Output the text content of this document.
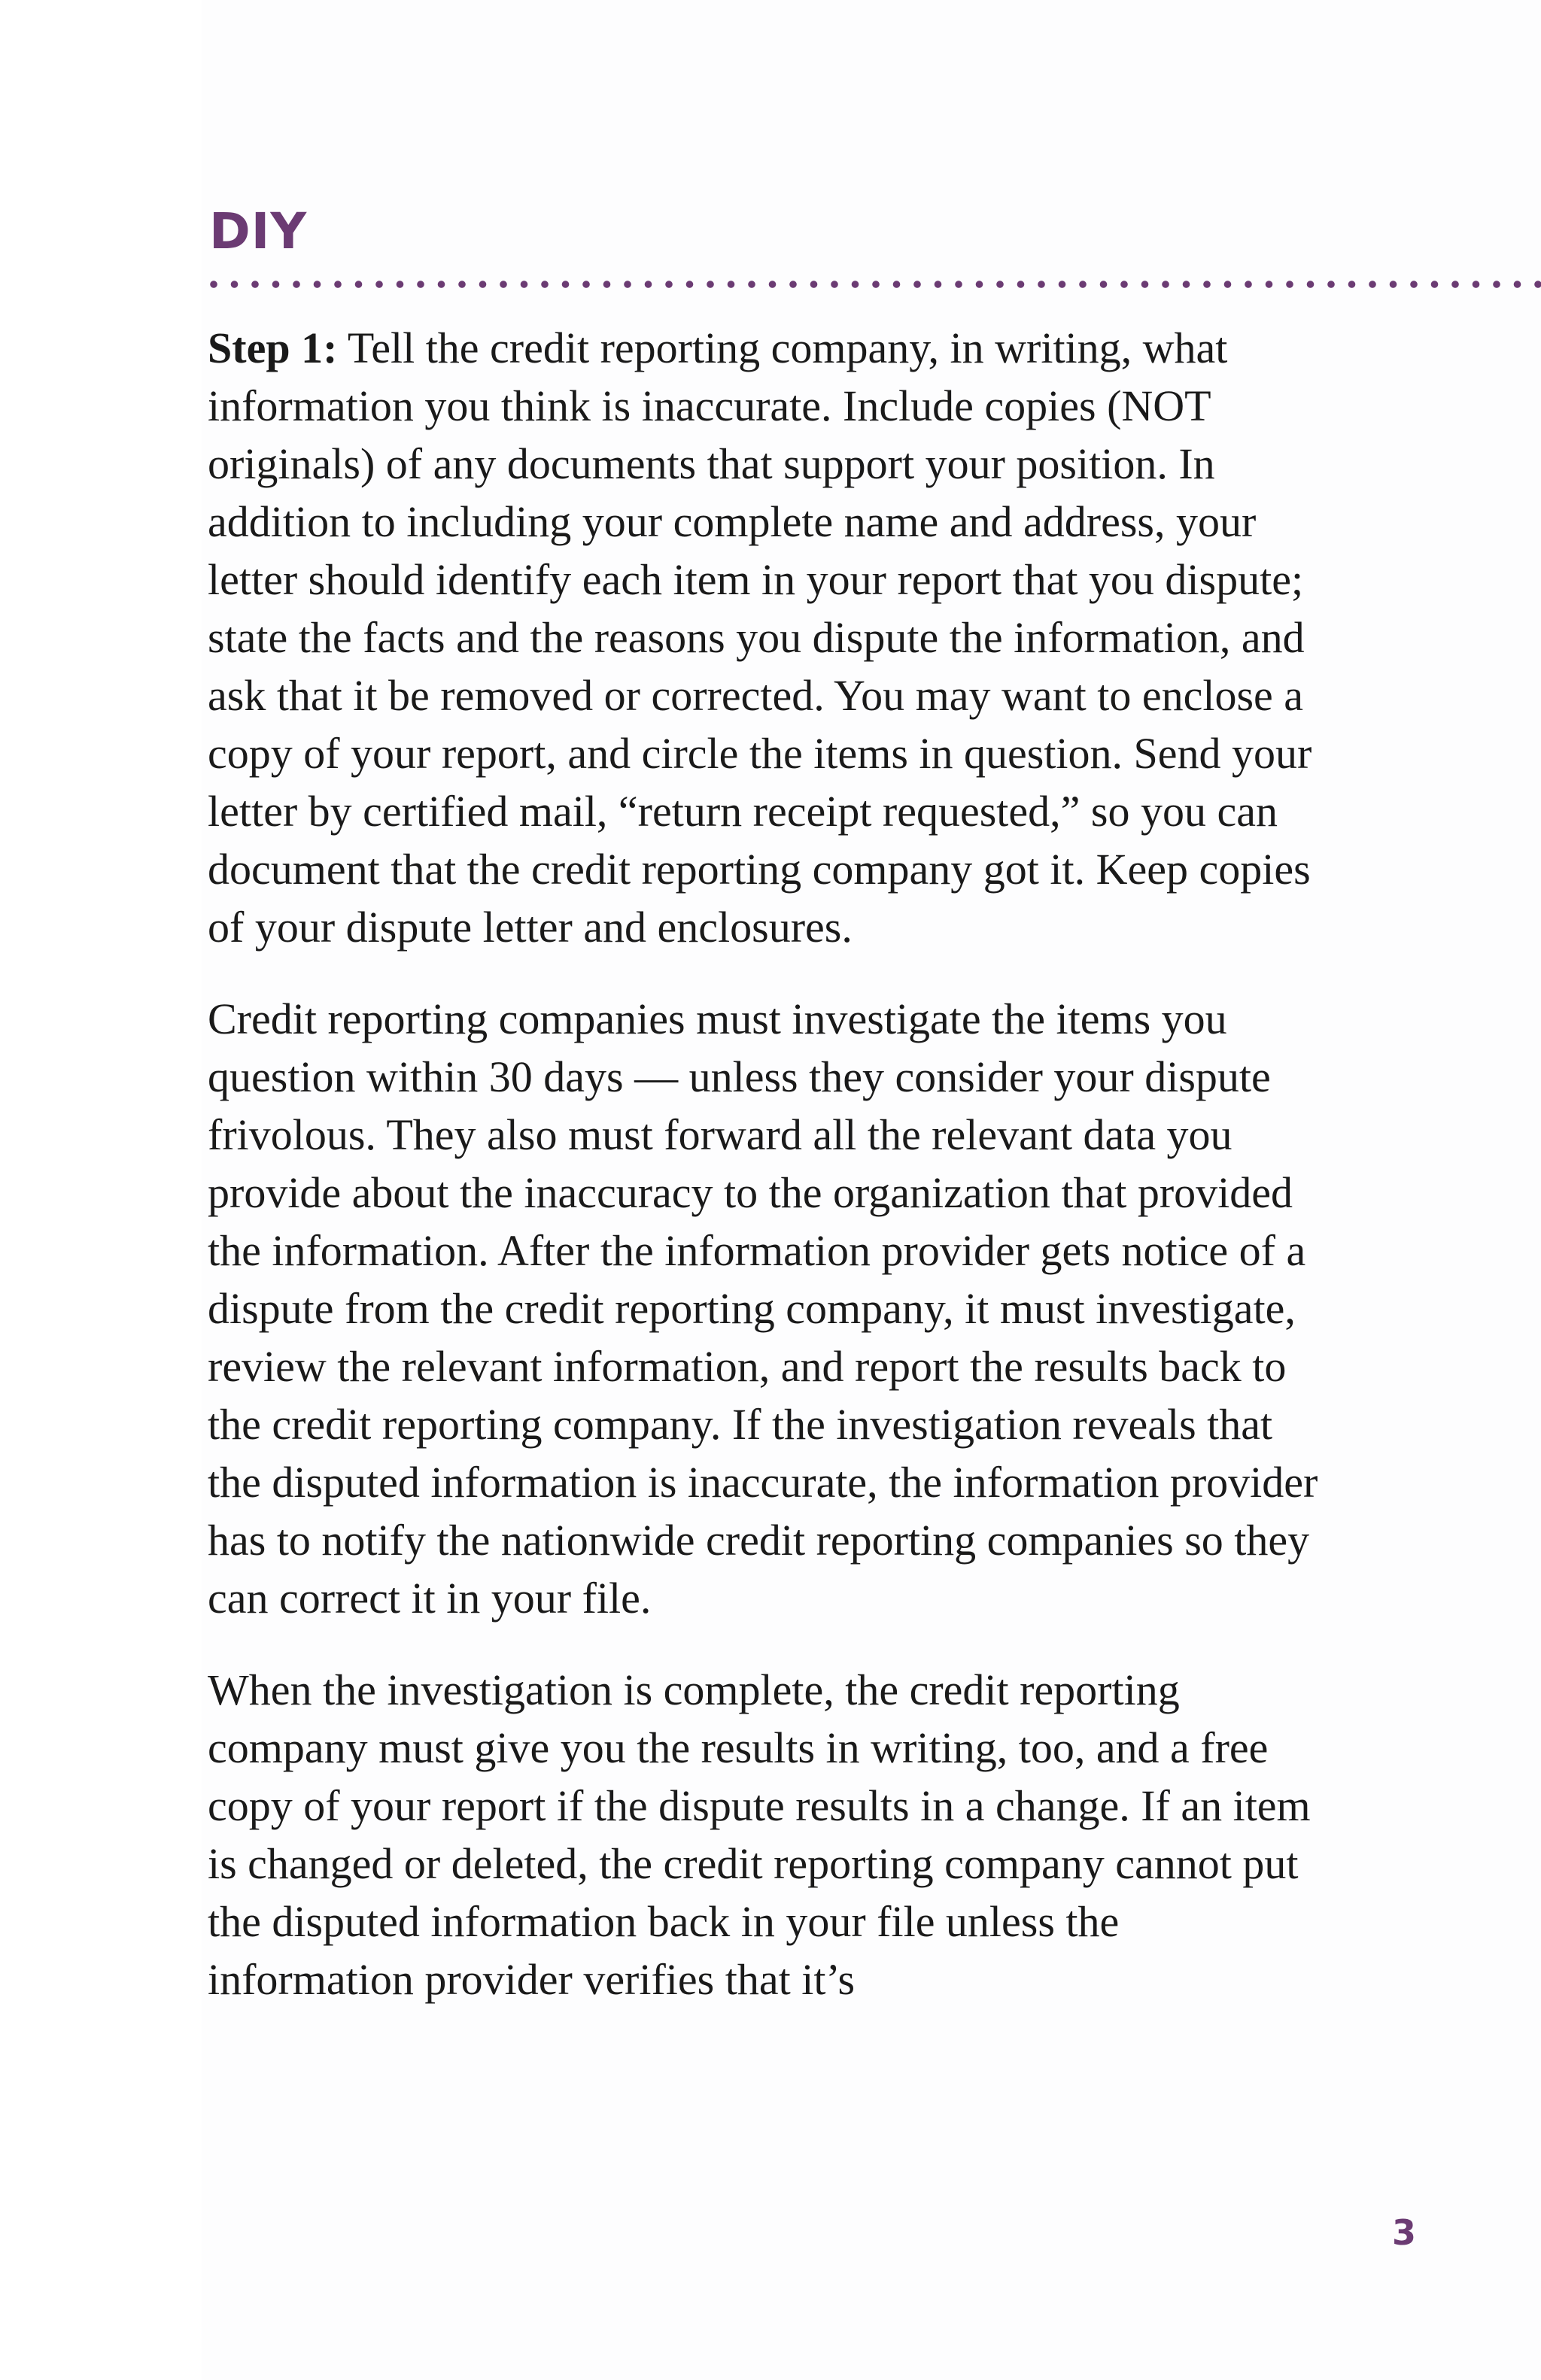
DIY

Step 1: Tell the credit reporting company, in writing, what information you think is inaccurate. Include copies (NOT originals) of any documents that support your position. In addition to including your complete name and address, your letter should identify each item in your report that you dispute; state the facts and the reasons you dispute the information, and ask that it be removed or corrected. You may want to enclose a copy of your report, and circle the items in question. Send your letter by certified mail, “return receipt requested,” so you can document that the credit reporting company got it. Keep copies of your dispute letter and enclosures.

Credit reporting companies must investigate the items you question within 30 days — unless they consider your dispute frivolous. They also must forward all the relevant data you provide about the inaccuracy to the organization that provided the information. After the information provider gets notice of a dispute from the credit reporting company, it must investigate, review the relevant information, and report the results back to the credit reporting company. If the investigation reveals that the disputed information is inaccurate, the information provider has to notify the nationwide credit reporting companies so they can correct it in your file.

When the investigation is complete, the credit reporting company must give you the results in writing, too, and a free copy of your report if the dispute results in a change. If an item is changed or deleted, the credit reporting company cannot put the disputed information back in your file unless the information provider verifies that it’s

3
